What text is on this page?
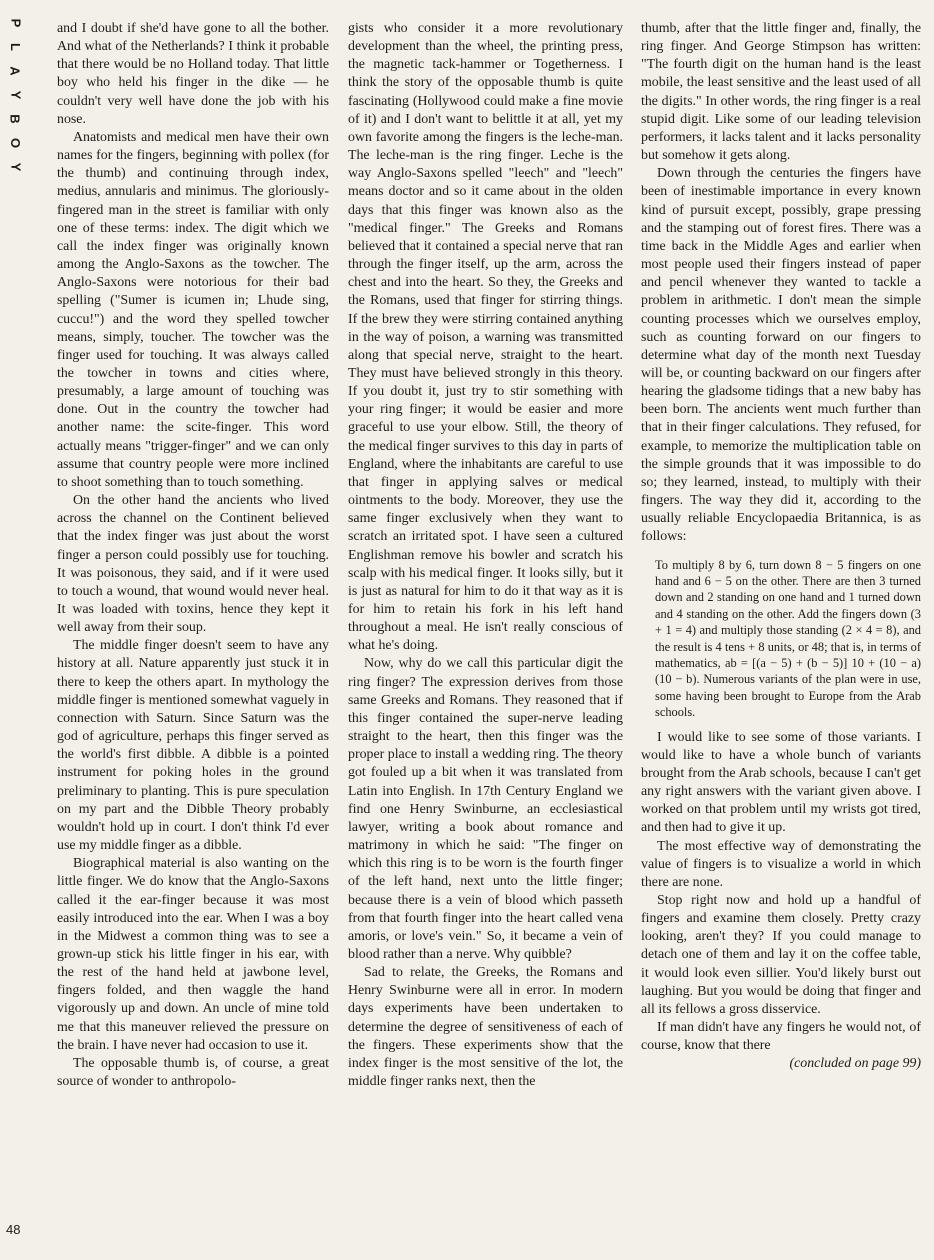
P
L
A
Y
B
O
Y
48

and I doubt if she'd have gone to all the bother. And what of the Netherlands? I think it probable that there would be no Holland today. That little boy who held his finger in the dike — he couldn't very well have done the job with his nose.

Anatomists and medical men have their own names for the fingers, beginning with pollex (for the thumb) and continuing through index, medius, annularis and minimus. The gloriously-fingered man in the street is familiar with only one of these terms: index. The digit which we call the index finger was originally known among the Anglo-Saxons as the towcher. The Anglo-Saxons were notorious for their bad spelling ("Sumer is icumen in; Lhude sing, cuccu!") and the word they spelled towcher means, simply, toucher. The towcher was the finger used for touching. It was always called the towcher in towns and cities where, presumably, a large amount of touching was done. Out in the country the towcher had another name: the scite-finger. This word actually means "trigger-finger" and we can only assume that country people were more inclined to shoot something than to touch something.

On the other hand the ancients who lived across the channel on the Continent believed that the index finger was just about the worst finger a person could possibly use for touching. It was poisonous, they said, and if it were used to touch a wound, that wound would never heal. It was loaded with toxins, hence they kept it well away from their soup.

The middle finger doesn't seem to have any history at all. Nature apparently just stuck it in there to keep the others apart. In mythology the middle finger is mentioned somewhat vaguely in connection with Saturn. Since Saturn was the god of agriculture, perhaps this finger served as the world's first dibble. A dibble is a pointed instrument for poking holes in the ground preliminary to planting. This is pure speculation on my part and the Dibble Theory probably wouldn't hold up in court. I don't think I'd ever use my middle finger as a dibble.

Biographical material is also wanting on the little finger. We do know that the Anglo-Saxons called it the ear-finger because it was most easily introduced into the ear. When I was a boy in the Midwest a common thing was to see a grown-up stick his little finger in his ear, with the rest of the hand held at jawbone level, fingers folded, and then waggle the hand vigorously up and down. An uncle of mine told me that this maneuver relieved the pressure on the brain. I have never had occasion to use it.

The opposable thumb is, of course, a great source of wonder to anthropolo-

gists who consider it a more revolutionary development than the wheel, the printing press, the magnetic tack-hammer or Togetherness. I think the story of the opposable thumb is quite fascinating (Hollywood could make a fine movie of it) and I don't want to belittle it at all, yet my own favorite among the fingers is the leche-man. The leche-man is the ring finger. Leche is the way Anglo-Saxons spelled "leech" and "leech" means doctor and so it came about in the olden days that this finger was known also as the "medical finger." The Greeks and Romans believed that it contained a special nerve that ran through the finger itself, up the arm, across the chest and into the heart. So they, the Greeks and the Romans, used that finger for stirring things. If the brew they were stirring contained anything in the way of poison, a warning was transmitted along that special nerve, straight to the heart. They must have believed strongly in this theory. If you doubt it, just try to stir something with your ring finger; it would be easier and more graceful to use your elbow. Still, the theory of the medical finger survives to this day in parts of England, where the inhabitants are careful to use that finger in applying salves or medical ointments to the body. Moreover, they use the same finger exclusively when they want to scratch an irritated spot. I have seen a cultured Englishman remove his bowler and scratch his scalp with his medical finger. It looks silly, but it is just as natural for him to do it that way as it is for him to retain his fork in his left hand throughout a meal. He isn't really conscious of what he's doing.

Now, why do we call this particular digit the ring finger? The expression derives from those same Greeks and Romans. They reasoned that if this finger contained the super-nerve leading straight to the heart, then this finger was the proper place to install a wedding ring. The theory got fouled up a bit when it was translated from Latin into English. In 17th Century England we find one Henry Swinburne, an ecclesiastical lawyer, writing a book about romance and matrimony in which he said: "The finger on which this ring is to be worn is the fourth finger of the left hand, next unto the little finger; because there is a vein of blood which passeth from that fourth finger into the heart called vena amoris, or love's vein." So, it became a vein of blood rather than a nerve. Why quibble?

Sad to relate, the Greeks, the Romans and Henry Swinburne were all in error. In modern days experiments have been undertaken to determine the degree of sensitiveness of each of the fingers. These experiments show that the index finger is the most sensitive of the lot, the middle finger ranks next, then the

thumb, after that the little finger and, finally, the ring finger. And George Stimpson has written: "The fourth digit on the human hand is the least mobile, the least sensitive and the least used of all the digits." In other words, the ring finger is a real stupid digit. Like some of our leading television performers, it lacks talent and it lacks personality but somehow it gets along.

Down through the centuries the fingers have been of inestimable importance in every known kind of pursuit except, possibly, grape pressing and the stamping out of forest fires. There was a time back in the Middle Ages and earlier when most people used their fingers instead of paper and pencil whenever they wanted to tackle a problem in arithmetic. I don't mean the simple counting processes which we ourselves employ, such as counting forward on our fingers to determine what day of the month next Tuesday will be, or counting backward on our fingers after hearing the gladsome tidings that a new baby has been born. The ancients went much further than that in their finger calculations. They refused, for example, to memorize the multiplication table on the simple grounds that it was impossible to do so; they learned, instead, to multiply with their fingers. The way they did it, according to the usually reliable Encyclopaedia Britannica, is as follows:

To multiply 8 by 6, turn down 8 − 5 fingers on one hand and 6 − 5 on the other. There are then 3 turned down and 2 standing on one hand and 1 turned down and 4 standing on the other. Add the fingers down (3 + 1 = 4) and multiply those standing (2 × 4 = 8), and the result is 4 tens + 8 units, or 48; that is, in terms of mathematics, ab = [(a − 5) + (b − 5)] 10 + (10 − a) (10 − b). Numerous variants of the plan were in use, some having been brought to Europe from the Arab schools.

I would like to see some of those variants. I would like to have a whole bunch of variants brought from the Arab schools, because I can't get any right answers with the variant given above. I worked on that problem until my wrists got tired, and then had to give it up.

The most effective way of demonstrating the value of fingers is to visualize a world in which there are none.

Stop right now and hold up a handful of fingers and examine them closely. Pretty crazy looking, aren't they? If you could manage to detach one of them and lay it on the coffee table, it would look even sillier. You'd likely burst out laughing. But you would be doing that finger and all its fellows a gross disservice.

If man didn't have any fingers he would not, of course, know that there

(concluded on page 99)
